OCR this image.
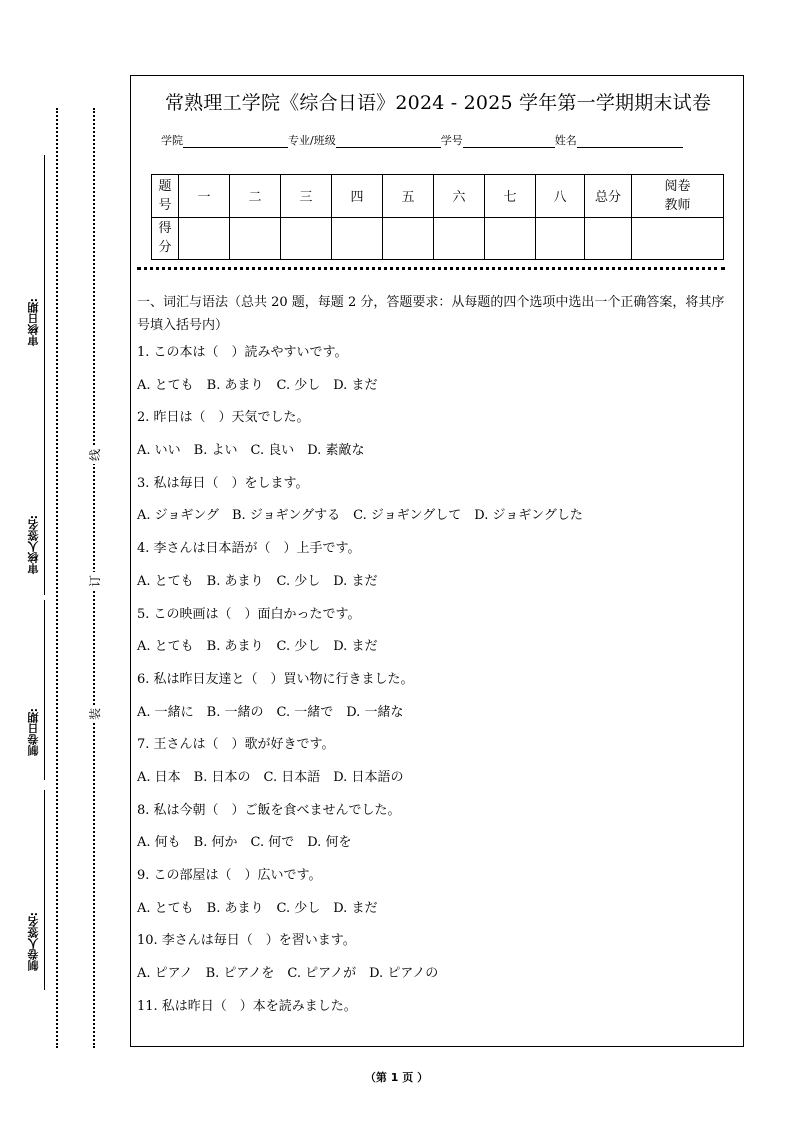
审核日期:
审核人签名:
制卷日期:
制卷人签名:
线
订
装
常熟理工学院《综合日语》2024 - 2025 学年第一学期期末试卷
学院	专业/班级	学号	姓名
题
号	一	二	三	四	五	六	七	八	总分	阅卷
教师
得
分										
一、词汇与语法（总共 20 题，每题 2 分，答题要求：从每题的四个选项中选出一个正确答案，将其序号填入括号内）
1. この本は（　）読みやすいです。
A. とても　B. あまり　C. 少し　D. まだ
2. 昨日は（　）天気でした。
A. いい　B. よい　C. 良い　D. 素敵な
3. 私は毎日（　）をします。
A. ジョギング　B. ジョギングする　C. ジョギングして　D. ジョギングした
4. 李さんは日本語が（　）上手です。
A. とても　B. あまり　C. 少し　D. まだ
5. この映画は（　）面白かったです。
A. とても　B. あまり　C. 少し　D. まだ
6. 私は昨日友達と（　）買い物に行きました。
A. 一緒に　B. 一緒の　C. 一緒で　D. 一緒な
7. 王さんは（　）歌が好きです。
A. 日本　B. 日本の　C. 日本語　D. 日本語の
8. 私は今朝（　）ご飯を食べませんでした。
A. 何も　B. 何か　C. 何で　D. 何を
9. この部屋は（　）広いです。
A. とても　B. あまり　C. 少し　D. まだ
10. 李さんは毎日（　）を習います。
A. ピアノ　B. ピアノを　C. ピアノが　D. ピアノの
11. 私は昨日（　）本を読みました。
（第 1 页 ）
